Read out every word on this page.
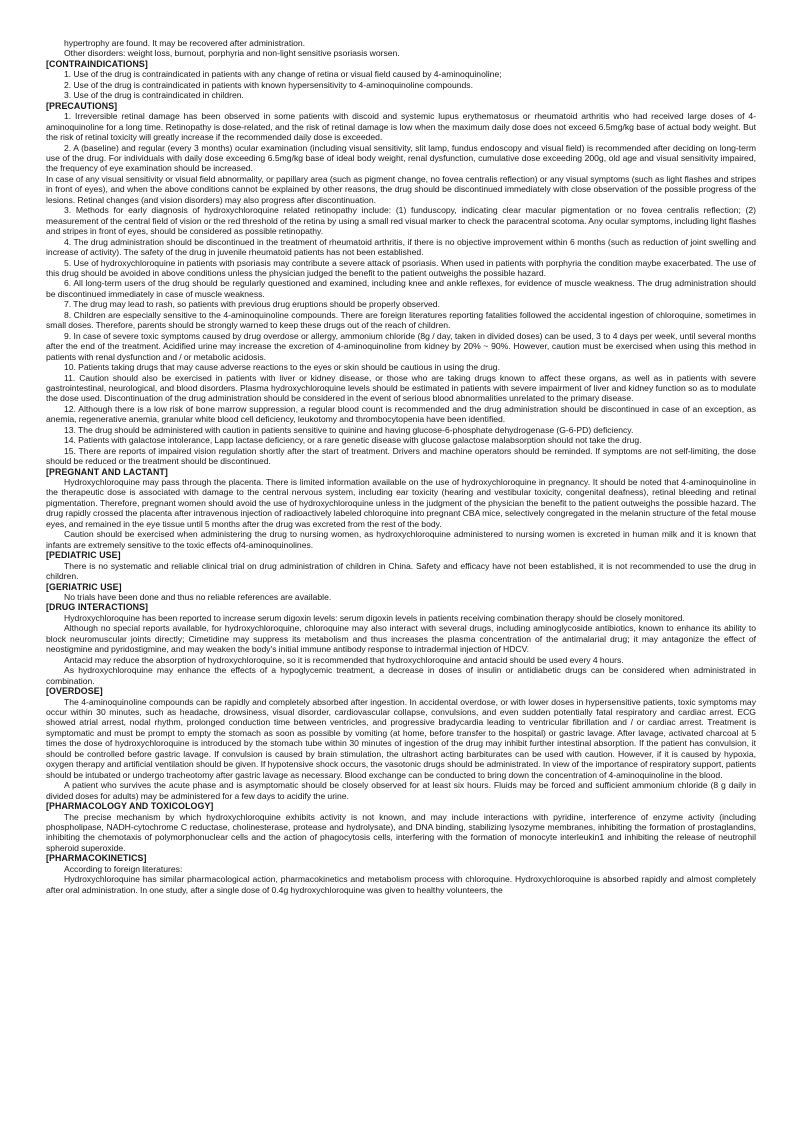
hypertrophy are found. It may be recovered after administration.
Other disorders: weight loss, burnout, porphyria and non-light sensitive psoriasis worsen.
[CONTRAINDICATIONS]
1. Use of the drug is contraindicated in patients with any change of retina or visual field caused by 4-aminoquinoline;
2. Use of the drug is contraindicated in patients with known hypersensitivity to 4-aminoquinoline compounds.
3. Use of the drug is contraindicated in children.
[PRECAUTIONS]
1. Irreversible retinal damage has been observed in some patients with discoid and systemic lupus erythematosus or rheumatoid arthritis who had received large doses of 4-aminoquinoline for a long time. Retinopathy is dose-related, and the risk of retinal damage is low when the maximum daily dose does not exceed 6.5mg/kg base of actual body weight. But the risk of retinal toxicity will greatly increase if the recommended daily dose is exceeded.
2. A (baseline) and regular (every 3 months) ocular examination (including visual sensitivity, slit lamp, fundus endoscopy and visual field) is recommended after deciding on long-term use of the drug. For individuals with daily dose exceeding 6.5mg/kg base of ideal body weight, renal dysfunction, cumulative dose exceeding 200g, old age and visual sensitivity impaired, the frequency of eye examination should be increased.
In case of any visual sensitivity or visual field abnormality, or papillary area (such as pigment change, no fovea centralis reflection) or any visual symptoms (such as light flashes and stripes in front of eyes), and when the above conditions cannot be explained by other reasons, the drug should be discontinued immediately with close observation of the possible progress of the lesions. Retinal changes (and vision disorders) may also progress after discontinuation.
3. Methods for early diagnosis of hydroxychloroquine related retinopathy include: (1) funduscopy, indicating clear macular pigmentation or no fovea centralis reflection; (2) measurement of the central field of vision or the red threshold of the retina by using a small red visual marker to check the paracentral scotoma. Any ocular symptoms, including light flashes and stripes in front of eyes, should be considered as possible retinopathy.
4. The drug administration should be discontinued in the treatment of rheumatoid arthritis, if there is no objective improvement within 6 months (such as reduction of joint swelling and increase of activity). The safety of the drug in juvenile rheumatoid patients has not been established.
5. Use of hydroxychloroquine in patients with psoriasis may contribute a severe attack of psoriasis. When used in patients with porphyria the condition maybe exacerbated. The use of this drug should be avoided in above conditions unless the physician judged the benefit to the patient outweighs the possible hazard.
6. All long-term users of the drug should be regularly questioned and examined, including knee and ankle reflexes, for evidence of muscle weakness. The drug administration should be discontinued immediately in case of muscle weakness.
7. The drug may lead to rash, so patients with previous drug eruptions should be properly observed.
8. Children are especially sensitive to the 4-aminoquinoline compounds. There are foreign literatures reporting fatalities followed the accidental ingestion of chloroquine, sometimes in small doses. Therefore, parents should be strongly warned to keep these drugs out of the reach of children.
9. In case of severe toxic symptoms caused by drug overdose or allergy, ammonium chloride (8g / day, taken in divided doses) can be used, 3 to 4 days per week, until several months after the end of the treatment. Acidified urine may increase the excretion of 4-aminoquinoline from kidney by 20% ~ 90%. However, caution must be exercised when using this method in patients with renal dysfunction and / or metabolic acidosis.
10. Patients taking drugs that may cause adverse reactions to the eyes or skin should be cautious in using the drug.
11. Caution should also be exercised in patients with liver or kidney disease, or those who are taking drugs known to affect these organs, as well as in patients with severe gastrointestinal, neurological, and blood disorders. Plasma hydroxychloroquine levels should be estimated in patients with severe impairment of liver and kidney function so as to modulate the dose used. Discontinuation of the drug administration should be considered in the event of serious blood abnormalities unrelated to the primary disease.
12. Although there is a low risk of bone marrow suppression, a regular blood count is recommended and the drug administration should be discontinued in case of an exception, as anemia, regenerative anemia, granular white blood cell deficiency, leukotomy and thrombocytopenia have been identified.
13. The drug should be administered with caution in patients sensitive to quinine and having glucose-6-phosphate dehydrogenase (G-6-PD) deficiency.
14. Patients with galactose intolerance, Lapp lactase deficiency, or a rare genetic disease with glucose galactose malabsorption should not take the drug.
15. There are reports of impaired vision regulation shortly after the start of treatment. Drivers and machine operators should be reminded. If symptoms are not self-limiting, the dose should be reduced or the treatment should be discontinued.
[PREGNANT AND LACTANT]
Hydroxychloroquine may pass through the placenta. There is limited information available on the use of hydroxychloroquine in pregnancy. It should be noted that 4-aminoquinoline in the therapeutic dose is associated with damage to the central nervous system, including ear toxicity (hearing and vestibular toxicity, congenital deafness), retinal bleeding and retinal pigmentation. Therefore, pregnant women should avoid the use of hydroxychloroquine unless in the judgment of the physician the benefit to the patient outweighs the possible hazard. The drug rapidly crossed the placenta after intravenous injection of radioactively labeled chloroquine into pregnant CBA mice, selectively congregated in the melanin structure of the fetal mouse eyes, and remained in the eye tissue until 5 months after the drug was excreted from the rest of the body.
Caution should be exercised when administering the drug to nursing women, as hydroxychloroquine administered to nursing women is excreted in human milk and it is known that infants are extremely sensitive to the toxic effects of4-aminoquinolines.
[PEDIATRIC USE]
There is no systematic and reliable clinical trial on drug administration of children in China. Safety and efficacy have not been established, it is not recommended to use the drug in children.
[GERIATRIC USE]
No trials have been done and thus no reliable references are available.
[DRUG INTERACTIONS]
Hydroxychloroquine has been reported to increase serum digoxin levels: serum digoxin levels in patients receiving combination therapy should be closely monitored.
Although no special reports available, for hydroxychloroquine, chloroquine may also interact with several drugs, including aminoglycoside antibiotics, known to enhance its ability to block neuromuscular joints directly; Cimetidine may suppress its metabolism and thus increases the plasma concentration of the antimalarial drug; it may antagonize the effect of neostigmine and pyridostigmine, and may weaken the body's initial immune antibody response to intradermal injection of HDCV.
Antacid may reduce the absorption of hydroxychloroquine, so it is recommended that hydroxychloroquine and antacid should be used every 4 hours.
As hydroxychloroquine may enhance the effects of a hypoglycemic treatment, a decrease in doses of insulin or antidiabetic drugs can be considered when administrated in combination.
[OVERDOSE]
The 4-aminoquinoline compounds can be rapidly and completely absorbed after ingestion. In accidental overdose, or with lower doses in hypersensitive patients, toxic symptoms may occur within 30 minutes, such as headache, drowsiness, visual disorder, cardiovascular collapse, convulsions, and even sudden potentially fatal respiratory and cardiac arrest. ECG showed atrial arrest, nodal rhythm, prolonged conduction time between ventricles, and progressive bradycardia leading to ventricular fibrillation and / or cardiac arrest. Treatment is symptomatic and must be prompt to empty the stomach as soon as possible by vomiting (at home, before transfer to the hospital) or gastric lavage. After lavage, activated charcoal at 5 times the dose of hydroxychloroquine is introduced by the stomach tube within 30 minutes of ingestion of the drug may inhibit further intestinal absorption. If the patient has convulsion, it should be controlled before gastric lavage. If convulsion is caused by brain stimulation, the ultrashort acting barbiturates can be used with caution. However, if it is caused by hypoxia, oxygen therapy and artificial ventilation should be given. If hypotensive shock occurs, the vasotonic drugs should be administrated. In view of the importance of respiratory support, patients should be intubated or undergo tracheotomy after gastric lavage as necessary. Blood exchange can be conducted to bring down the concentration of 4-aminoquinoline in the blood.
A patient who survives the acute phase and is asymptomatic should be closely observed for at least six hours. Fluids may be forced and sufficient ammonium chloride (8 g daily in divided doses for adults) may be administered for a few days to acidify the urine.
[PHARMACOLOGY AND TOXICOLOGY]
The precise mechanism by which hydroxychloroquine exhibits activity is not known, and may include interactions with pyridine, interference of enzyme activity (including phospholipase, NADH-cytochrome C reductase, cholinesterase, protease and hydrolysate), and DNA binding, stabilizing lysozyme membranes, inhibiting the formation of prostaglandins, inhibiting the chemotaxis of polymorphonuclear cells and the action of phagocytosis cells, interfering with the formation of monocyte interleukin1 and inhibiting the release of neutrophil spheroid superoxide.
[PHARMACOKINETICS]
According to foreign literatures:
Hydroxychloroquine has similar pharmacological action, pharmacokinetics and metabolism process with chloroquine. Hydroxychloroquine is absorbed rapidly and almost completely after oral administration. In one study, after a single dose of 0.4g hydroxychloroquine was given to healthy volunteers, the
